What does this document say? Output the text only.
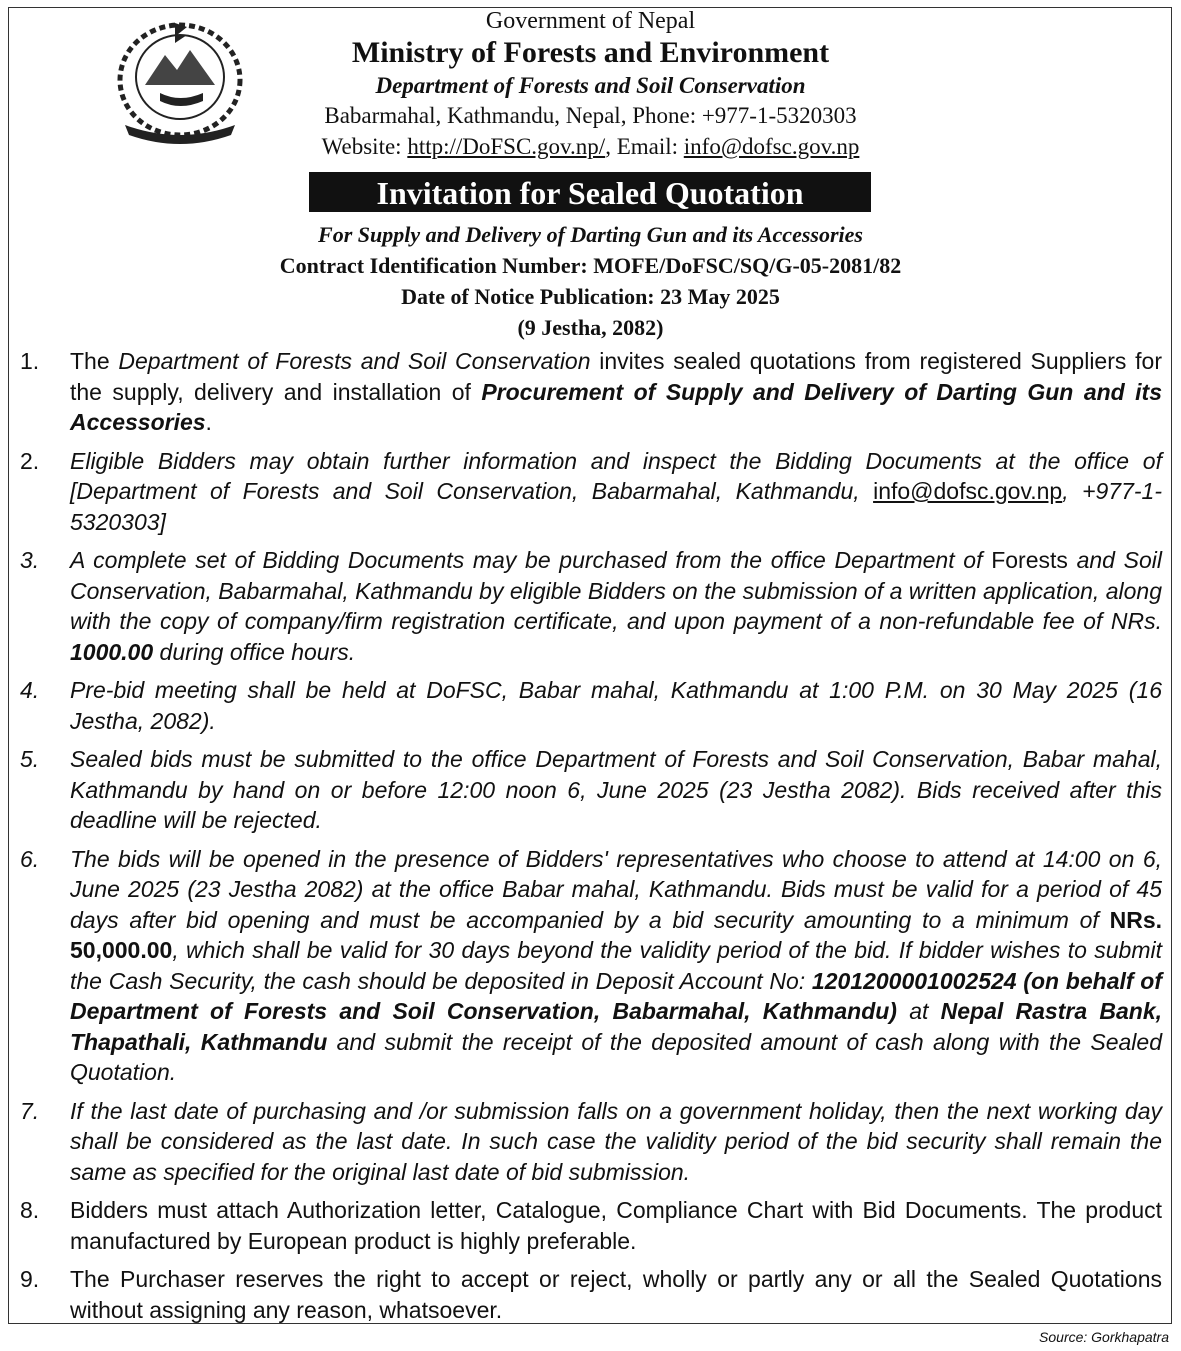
Government of Nepal
Ministry of Forests and Environment
Department of Forests and Soil Conservation
Babarmahal, Kathmandu, Nepal, Phone: +977-1-5320303
Website: http://DoFSC.gov.np/, Email: info@dofsc.gov.np
Invitation for Sealed Quotation
For Supply and Delivery of Darting Gun and its Accessories
Contract Identification Number: MOFE/DoFSC/SQ/G-05-2081/82
Date of Notice Publication: 23 May 2025
(9 Jestha, 2082)
1.	The Department of Forests and Soil Conservation invites sealed quotations from registered Suppliers for the supply, delivery and installation of Procurement of Supply and Delivery of Darting Gun and its Accessories.
2.	Eligible Bidders may obtain further information and inspect the Bidding Documents at the office of [Department of Forests and Soil Conservation, Babarmahal, Kathmandu, info@dofsc.gov.np, +977-1-5320303]
3.	A complete set of Bidding Documents may be purchased from the office Department of Forests and Soil Conservation, Babarmahal, Kathmandu by eligible Bidders on the submission of a written application, along with the copy of company/firm registration certificate, and upon payment of a non-refundable fee of NRs. 1000.00 during office hours.
4.	Pre-bid meeting shall be held at DoFSC, Babar mahal, Kathmandu at 1:00 P.M. on 30 May 2025 (16 Jestha, 2082).
5.	Sealed bids must be submitted to the office Department of Forests and Soil Conservation, Babar mahal, Kathmandu by hand on or before 12:00 noon 6, June 2025 (23 Jestha 2082). Bids received after this deadline will be rejected.
6.	The bids will be opened in the presence of Bidders' representatives who choose to attend at 14:00 on 6, June 2025 (23 Jestha 2082) at the office Babar mahal, Kathmandu. Bids must be valid for a period of 45 days after bid opening and must be accompanied by a bid security amounting to a minimum of NRs. 50,000.00, which shall be valid for 30 days beyond the validity period of the bid. If bidder wishes to submit the Cash Security, the cash should be deposited in Deposit Account No: 1201200001002524 (on behalf of Department of Forests and Soil Conservation, Babarmahal, Kathmandu) at Nepal Rastra Bank, Thapathali, Kathmandu and submit the receipt of the deposited amount of cash along with the Sealed Quotation.
7.	If the last date of purchasing and /or submission falls on a government holiday, then the next working day shall be considered as the last date. In such case the validity period of the bid security shall remain the same as specified for the original last date of bid submission.
8.	Bidders must attach Authorization letter, Catalogue, Compliance Chart with Bid Documents. The product manufactured by European product is highly preferable.
9.	The Purchaser reserves the right to accept or reject, wholly or partly any or all the Sealed Quotations without assigning any reason, whatsoever.
Source: Gorkhapatra
